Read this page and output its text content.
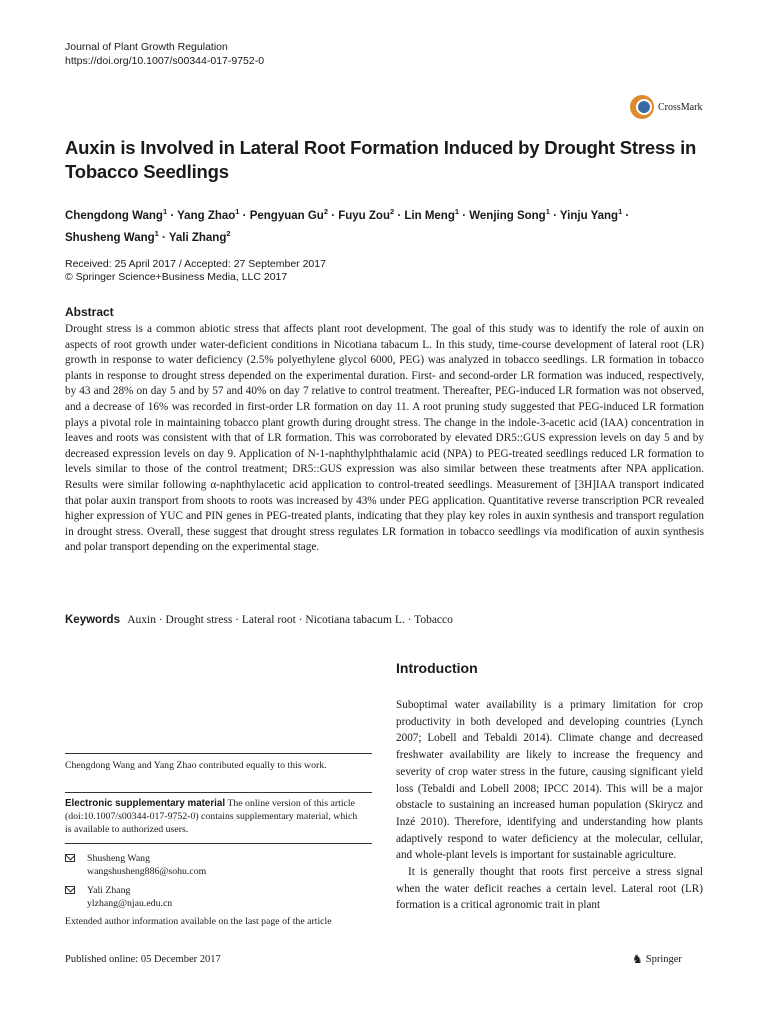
Journal of Plant Growth Regulation
https://doi.org/10.1007/s00344-017-9752-0
CrossMark
Auxin is Involved in Lateral Root Formation Induced by Drought Stress in Tobacco Seedlings
Chengdong Wang$^1$ · Yang Zhao$^1$ · Pengyuan $Gu^2$ · Fuyu Zou$^2$ · Lin Meng$^1$ · Wenjing Song$^1$ · Yinju Yang$^1$ ·
Shusheng Wang$^1$ · Yali Zhang$^2$
Received: 25 April 2017 / Accepted: 27 September 2017
© Springer Science+Business Media, LLC 2017
Abstract

Drought stress is a common abiotic stress that affects plant root development. The goal of this study was to identify the role of auxin on aspects of root growth under water-deficient conditions in Nicotiana tabacum L. In this study, time-course development of lateral root (LR) growth in response to water deficiency (2.5% polyethylene glycol 6000, PEG) was analyzed in tobacco seedlings. LR formation in tobacco plants in response to drought stress depended on the experimental duration. First- and second-order LR formation was induced, respectively, by 43 and 28% on day 5 and by 57 and 40% on day 7 relative to control treatment. Thereafter, PEG-induced LR formation was not observed, and a decrease of 16% was recorded in first-order LR formation on day 11. A root pruning study suggested that PEG-induced LR formation plays a pivotal role in maintaining tobacco plant growth during drought stress. The change in the indole-3-acetic acid (IAA) concentration in leaves and roots was consistent with that of LR formation. This was corroborated by elevated DR5::GUS expression levels on day 5 and by decreased expression levels on day 9. Application of N-1-naphthylphthalamic acid (NPA) to PEG-treated seedlings reduced LR formation to levels similar to those of the control treatment; DR5::GUS expression was also similar between these treatments after NPA application. Results were similar following α-naphthylacetic acid application to control-treated seedlings. Measurement of [3H]IAA transport indicated that polar auxin transport from shoots to roots was increased by 43% under PEG application. Quantitative reverse transcription PCR revealed higher expression of YUC and PIN genes in PEG-treated plants, indicating that they play key roles in auxin synthesis and transport regulation in drought stress. Overall, these suggest that drought stress regulates LR formation in tobacco seedlings via modification of auxin synthesis and polar transport depending on the experimental stage.

Keywords Auxin · Drought stress · Lateral root · Nicotiana tabacum L. · Tobacco
Introduction

Suboptimal water availability is a primary limitation for crop productivity in both developed and developing countries (Lynch 2007; Lobell and Tebaldi 2014). Climate change and decreased freshwater availability are likely to increase the frequency and severity of crop water stress in the future, causing significant yield loss (Tebaldi and Lobell 2008; IPCC 2014). This will be a major obstacle to sustaining an increased human population (Skirycz and Inzé 2010). Therefore, identifying and understanding how plants adaptively respond to water deficiency at the molecular, cellular, and whole-plant levels is important for sustainable agriculture.

It is generally thought that roots first perceive a stress signal when the water deficit reaches a certain level. Lateral root (LR) formation is a critical agronomic trait in plant

Chengdong Wang and Yang Zhao contributed equally to this work.
Electronic supplementary material The online version of this article (doi:10.1007/s00344-017-9752-0) contains supplementary material, which is available to authorized users.
Shusheng Wang
wangshusheng886@sohu.com
Yali Zhang
ylzhang@njau.edu.cn
Extended author information available on the last page of the article
Published online: 05 December 2017	♞ Springer
